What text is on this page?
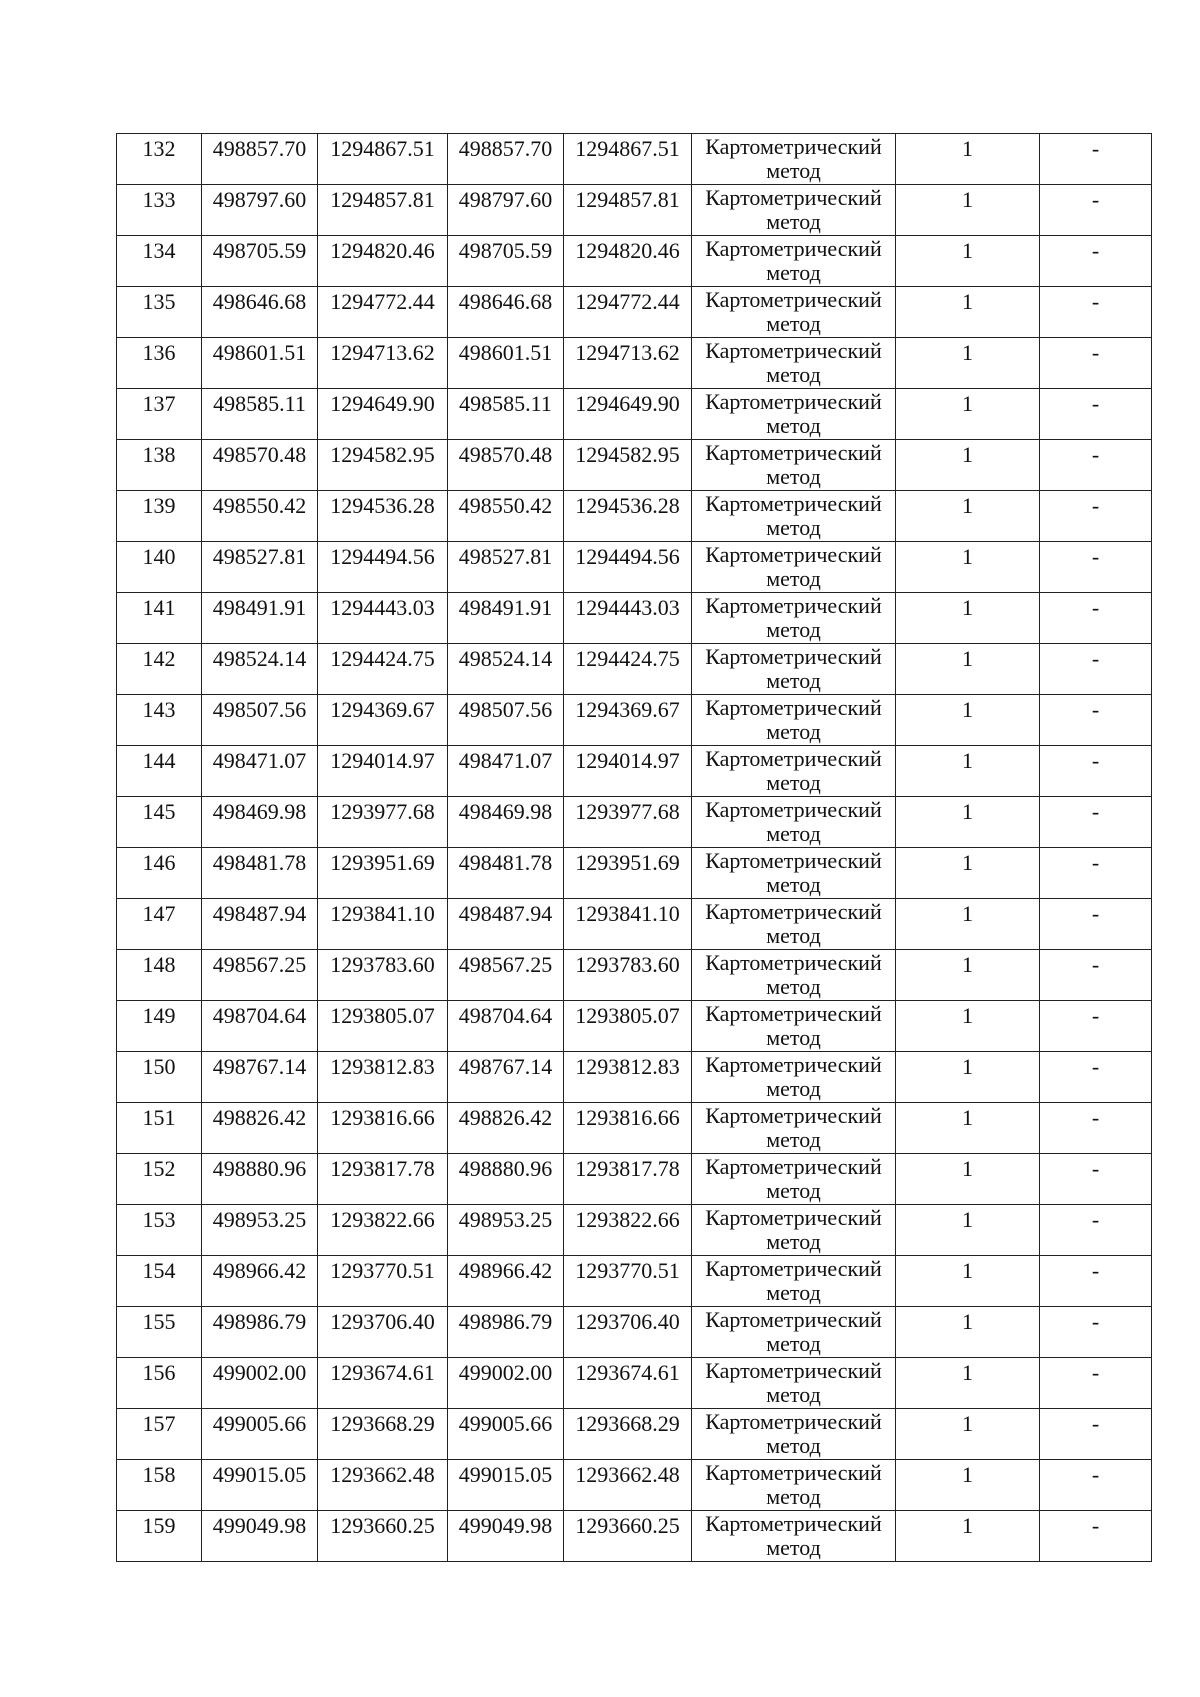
132	498857.70	1294867.51	498857.70	1294867.51	Картометрический метод	1	-

133	498797.60	1294857.81	498797.60	1294857.81	Картометрический метод	1	-

134	498705.59	1294820.46	498705.59	1294820.46	Картометрический метод	1	-

135	498646.68	1294772.44	498646.68	1294772.44	Картометрический метод	1	-

136	498601.51	1294713.62	498601.51	1294713.62	Картометрический метод	1	-

137	498585.11	1294649.90	498585.11	1294649.90	Картометрический метод	1	-

138	498570.48	1294582.95	498570.48	1294582.95	Картометрический метод	1	-

139	498550.42	1294536.28	498550.42	1294536.28	Картометрический метод	1	-

140	498527.81	1294494.56	498527.81	1294494.56	Картометрический метод	1	-

141	498491.91	1294443.03	498491.91	1294443.03	Картометрический метод	1	-

142	498524.14	1294424.75	498524.14	1294424.75	Картометрический метод	1	-

143	498507.56	1294369.67	498507.56	1294369.67	Картометрический метод	1	-

144	498471.07	1294014.97	498471.07	1294014.97	Картометрический метод	1	-

145	498469.98	1293977.68	498469.98	1293977.68	Картометрический метод	1	-

146	498481.78	1293951.69	498481.78	1293951.69	Картометрический метод	1	-

147	498487.94	1293841.10	498487.94	1293841.10	Картометрический метод	1	-

148	498567.25	1293783.60	498567.25	1293783.60	Картометрический метод	1	-

149	498704.64	1293805.07	498704.64	1293805.07	Картометрический метод	1	-

150	498767.14	1293812.83	498767.14	1293812.83	Картометрический метод	1	-

151	498826.42	1293816.66	498826.42	1293816.66	Картометрический метод	1	-

152	498880.96	1293817.78	498880.96	1293817.78	Картометрический метод	1	-

153	498953.25	1293822.66	498953.25	1293822.66	Картометрический метод	1	-

154	498966.42	1293770.51	498966.42	1293770.51	Картометрический метод	1	-

155	498986.79	1293706.40	498986.79	1293706.40	Картометрический метод	1	-

156	499002.00	1293674.61	499002.00	1293674.61	Картометрический метод	1	-

157	499005.66	1293668.29	499005.66	1293668.29	Картометрический метод	1	-

158	499015.05	1293662.48	499015.05	1293662.48	Картометрический метод	1	-

159	499049.98	1293660.25	499049.98	1293660.25	Картометрический метод	1	-
